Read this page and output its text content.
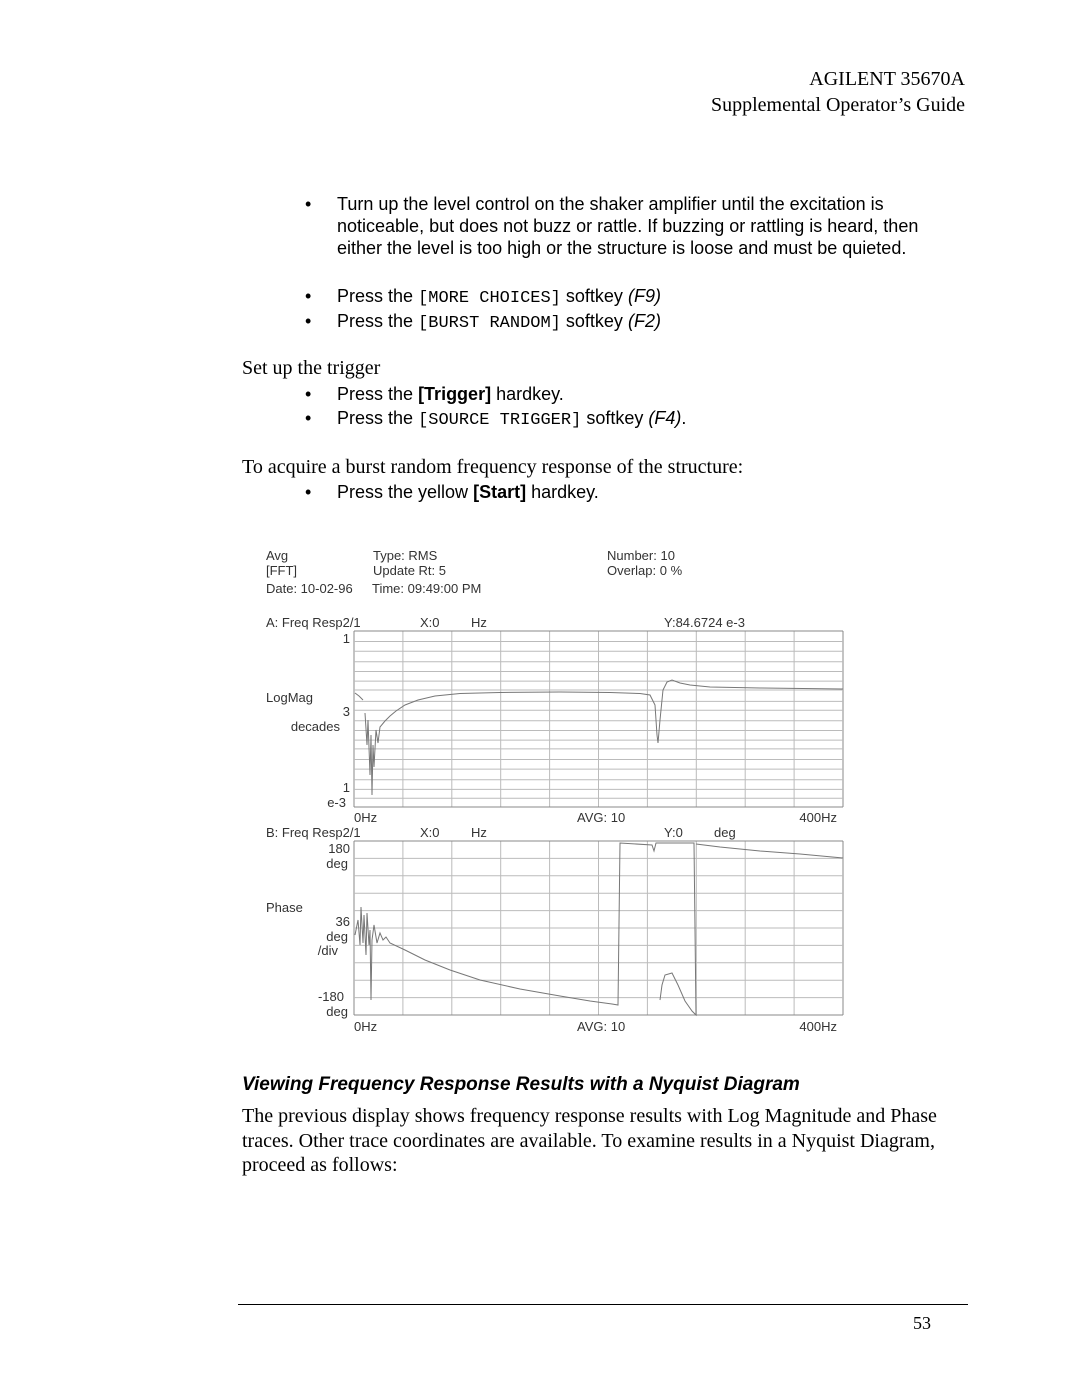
AGILENT 35670A
Supplemental Operator’s Guide
•	Turn up the level control on the shaker amplifier until the excitation is noticeable, but does not buzz or rattle. If buzzing or rattling is heard, then either the level is too high or the structure is loose and must be quieted.
•	Press the [MORE CHOICES] softkey (F9)
•	Press the [BURST RANDOM] softkey (F2)
Set up the trigger
•	Press the [Trigger] hardkey.
•	Press the [SOURCE TRIGGER] softkey (F4).
To acquire a burst random frequency response of the structure:
•	Press the yellow [Start] hardkey.
Avg
[FFT]
Date: 10-02-96
Type: RMS
Update Rt: 5
Time: 09:49:00 PM
Number: 10
Overlap: 0 %
A: Freq Resp2/1	X:0 Hz	Y:84.6724 e-3
1
LogMag
3
decades
1
e-3
0Hz	AVG: 10	400Hz
B: Freq Resp2/1	X:0 Hz	Y:0 deg
180
deg
Phase
36
deg
/div
-180
deg
0Hz	AVG: 10	400Hz
Viewing Frequency Response Results with a Nyquist Diagram
The previous display shows frequency response results with Log Magnitude and Phase traces. Other trace coordinates are available. To examine results in a Nyquist Diagram, proceed as follows:
53
